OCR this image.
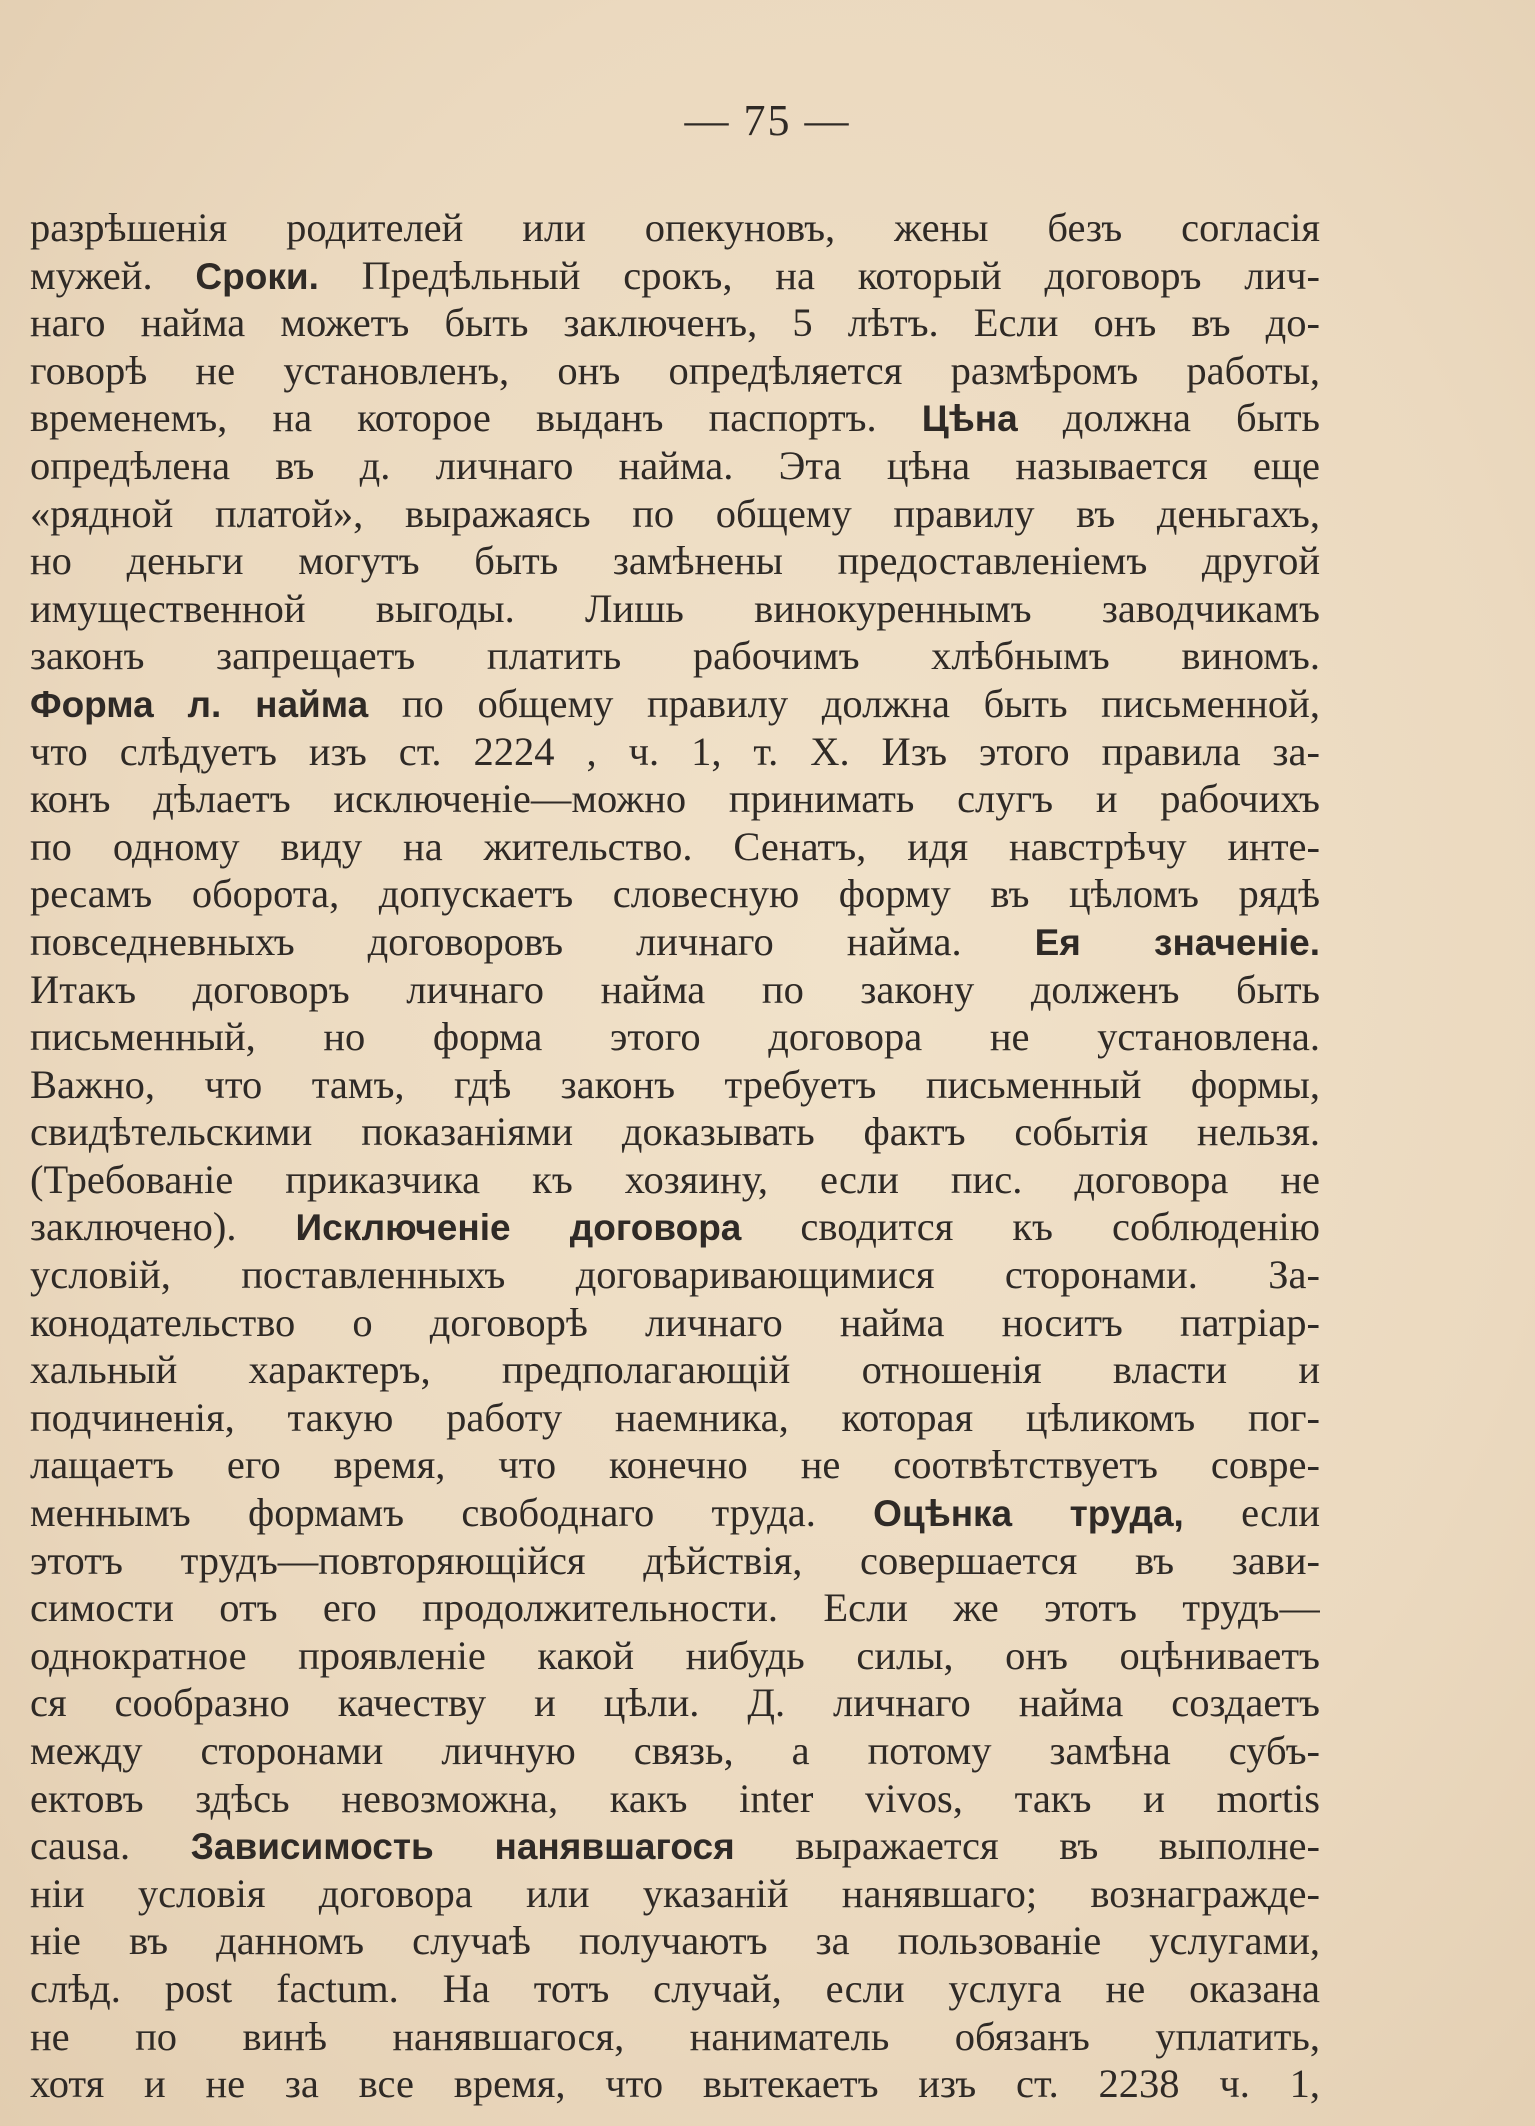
— 75 —
разрѣшенія родителей или опекуновъ, жены безъ согласія
мужей. Сроки. Предѣльный срокъ, на который договоръ лич-
наго найма можетъ быть заключенъ, 5 лѣтъ. Если онъ въ до-
говорѣ не установленъ, онъ опредѣляется размѣромъ работы,
временемъ, на которое выданъ паспортъ. Цѣна должна быть
опредѣлена въ д. личнаго найма. Эта цѣна называется еще
«рядной платой», выражаясь по общему правилу въ деньгахъ,
но деньги могутъ быть замѣнены предоставленіемъ другой
имущественной выгоды. Лишь винокуреннымъ заводчикамъ
законъ запрещаетъ платить рабочимъ хлѣбнымъ виномъ.
Форма л. найма по общему правилу должна быть письменной,
что слѣдуетъ изъ ст. 2224 , ч. 1, т. X. Изъ этого правила за-
конъ дѣлаетъ исключеніе—можно принимать слугъ и рабочихъ
по одному виду на жительство. Сенатъ, идя навстрѣчу инте-
ресамъ оборота, допускаетъ словесную форму въ цѣломъ рядѣ
повседневныхъ договоровъ личнаго найма. Ея значеніе.
Итакъ договоръ личнаго найма по закону долженъ быть
письменный, но форма этого договора не установлена.
Важно, что тамъ, гдѣ законъ требуетъ письменный формы,
свидѣтельскими показаніями доказывать фактъ событія нельзя.
(Требованіе приказчика къ хозяину, если пис. договора не
заключено). Исключеніе договора сводится къ соблюденію
условій, поставленныхъ договаривающимися сторонами. За-
конодательство о договорѣ личнаго найма носитъ патріар-
хальный характеръ, предполагающій отношенія власти и
подчиненія, такую работу наемника, которая цѣликомъ пог-
лащаетъ его время, что конечно не соотвѣтствуетъ совре-
меннымъ формамъ свободнаго труда. Оцѣнка труда, если
этотъ трудъ—повторяющійся дѣйствія, совершается въ зави-
симости отъ его продолжительности. Если же этотъ трудъ—
однократное проявленіе какой нибудь силы, онъ оцѣниваетъ
ся сообразно качеству и цѣли. Д. личнаго найма создаетъ
между сторонами личную связь, а потому замѣна субъ-
ектовъ здѣсь невозможна, какъ inter vivos, такъ и mortis
causa. Зависимость нанявшагося выражается въ выполне-
ніи условія договора или указаній нанявшаго; вознагражде-
ніе въ данномъ случаѣ получаютъ за пользованіе услугами,
слѣд. post factum. На тотъ случай, если услуга не оказана
не по винѣ нанявшагося, наниматель обязанъ уплатить,
хотя и не за все время, что вытекаетъ изъ ст. 2238 ч. 1,
